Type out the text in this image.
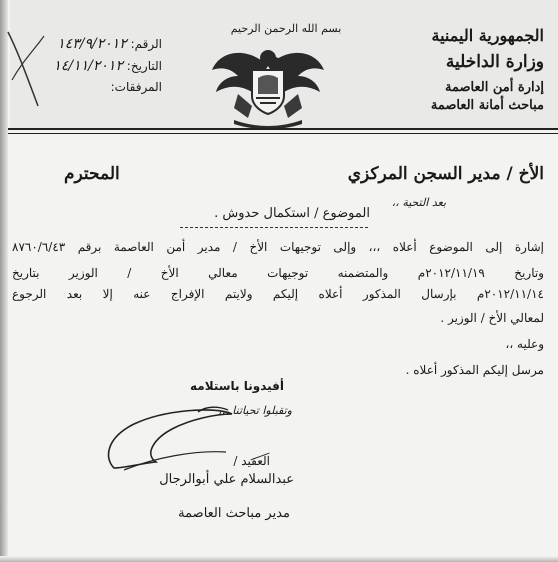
الجمهورية اليمنية
وزارة الداخلية
إدارة أمن العاصمة
مباحث أمانة العاصمة
بسم الله الرحمن الرحيم
الرقم: ١٤٣/٩/٢٠١٢
التاريخ: ١٤/١١/٢٠١٢
المرفقات:
الأخ / مدير السجن المركزي
المحترم
بعد التحية ،،
الموضوع / استكمال حدوش .
إشارة إلى الموضوع أعلاه ،،، وإلى توجيهات الأخ / مدير أمن العاصمة برقم ٨٧٦٠/٦/٤٣
وتاريخ ٢٠١٢/١١/١٩م والمتضمنه توجيهات معالي الأخ / الوزير بتاريخ
٢٠١٢/١١/١٤م بإرسال المذكور أعلاه إليكم ولايتم الإفراج عنه إلا بعد الرجوع
لمعالي الأخ / الوزير .
وعليه ،،
مرسل إليكم المذكور أعلاه .
أفيدونا باستلامه
وتقبلوا تحياتنا ،،،
العقيد /
عبدالسلام علي أبوالرجال
مدير مباحث العاصمة
